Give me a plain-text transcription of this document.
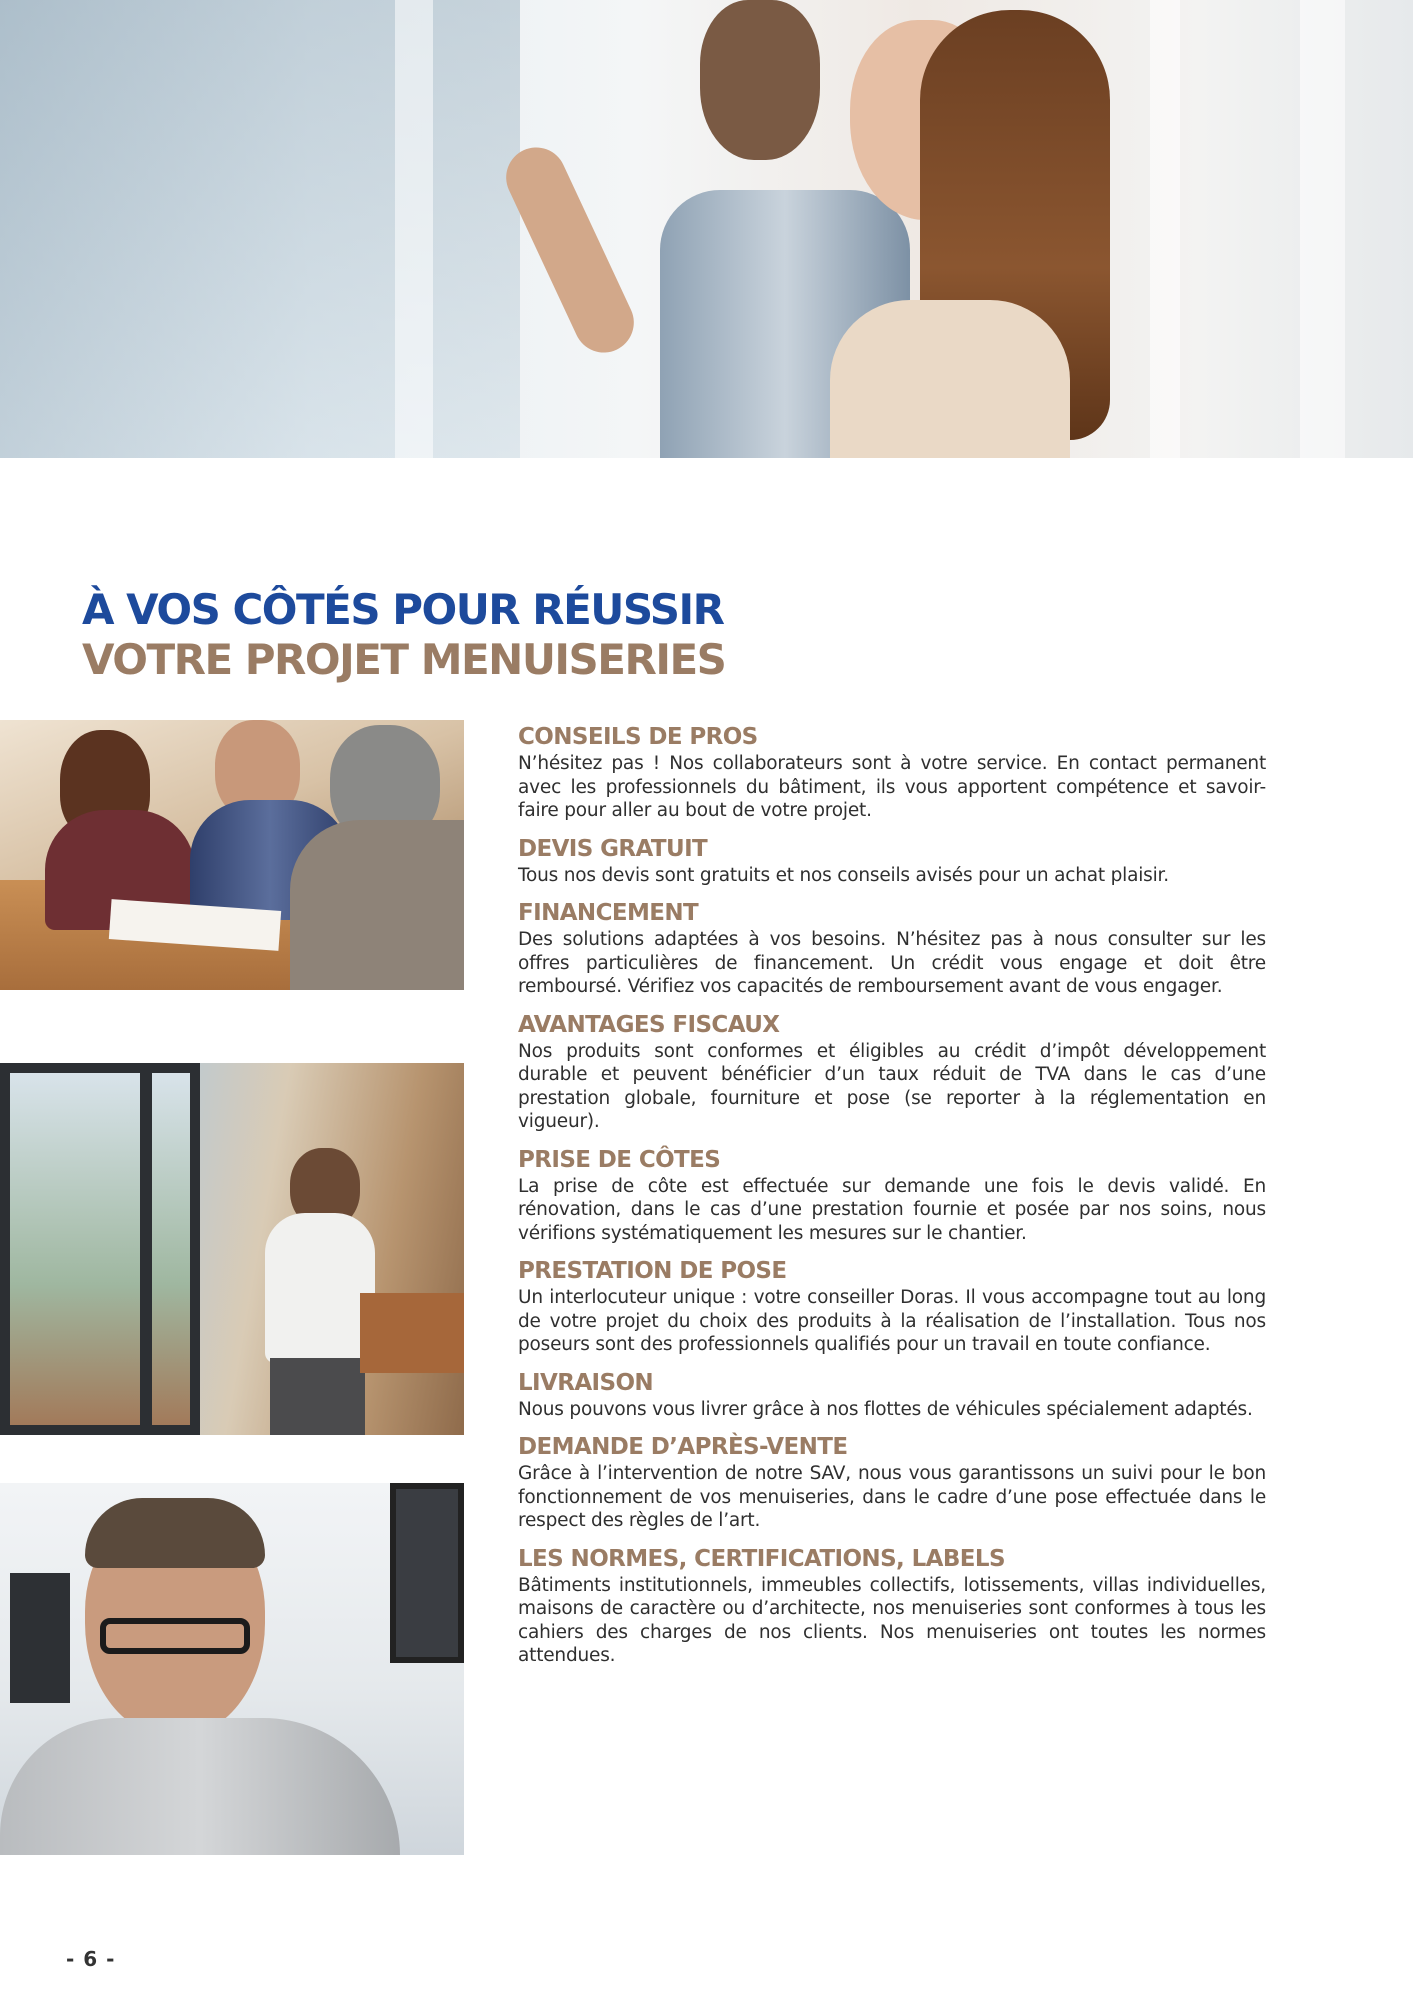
À VOS CÔTÉS POUR RÉUSSIR
VOTRE PROJET MENUISERIES
CONSEILS DE PROS
N’hésitez pas ! Nos collaborateurs sont à votre service. En contact permanent avec les professionnels du bâtiment, ils vous apportent compétence et savoir-faire pour aller au bout de votre projet.
DEVIS GRATUIT
Tous nos devis sont gratuits et nos conseils avisés pour un achat plaisir.
FINANCEMENT
Des solutions adaptées à vos besoins. N’hésitez pas à nous consulter sur les offres particulières de financement. Un crédit vous engage et doit être remboursé. Vérifiez vos capacités de remboursement avant de vous engager.
AVANTAGES FISCAUX
Nos produits sont conformes et éligibles au crédit d’impôt développement durable et peuvent bénéficier d’un taux réduit de TVA dans le cas d’une prestation globale, fourniture et pose (se reporter à la réglementation en vigueur).
PRISE DE CÔTES
La prise de côte est effectuée sur demande une fois le devis validé. En rénovation, dans le cas d’une prestation fournie et posée par nos soins, nous vérifions systématiquement les mesures sur le chantier.
PRESTATION DE POSE
Un interlocuteur unique : votre conseiller Doras. Il vous accompagne tout au long de votre projet du choix des produits à la réalisation de l’installation. Tous nos poseurs sont des professionnels qualifiés pour un travail en toute confiance.
LIVRAISON
Nous pouvons vous livrer grâce à nos flottes de véhicules spécialement adaptés.
DEMANDE D’APRÈS-VENTE
Grâce à l’intervention de notre SAV, nous vous garantissons un suivi pour le bon fonctionnement de vos menuiseries, dans le cadre d’une pose effectuée dans le respect des règles de l’art.
LES NORMES, CERTIFICATIONS, LABELS
Bâtiments institutionnels, immeubles collectifs, lotissements, villas individuelles, maisons de caractère ou d’architecte, nos menuiseries sont conformes à tous les cahiers des charges de nos clients. Nos menuiseries ont toutes les normes attendues.
- 6 -
